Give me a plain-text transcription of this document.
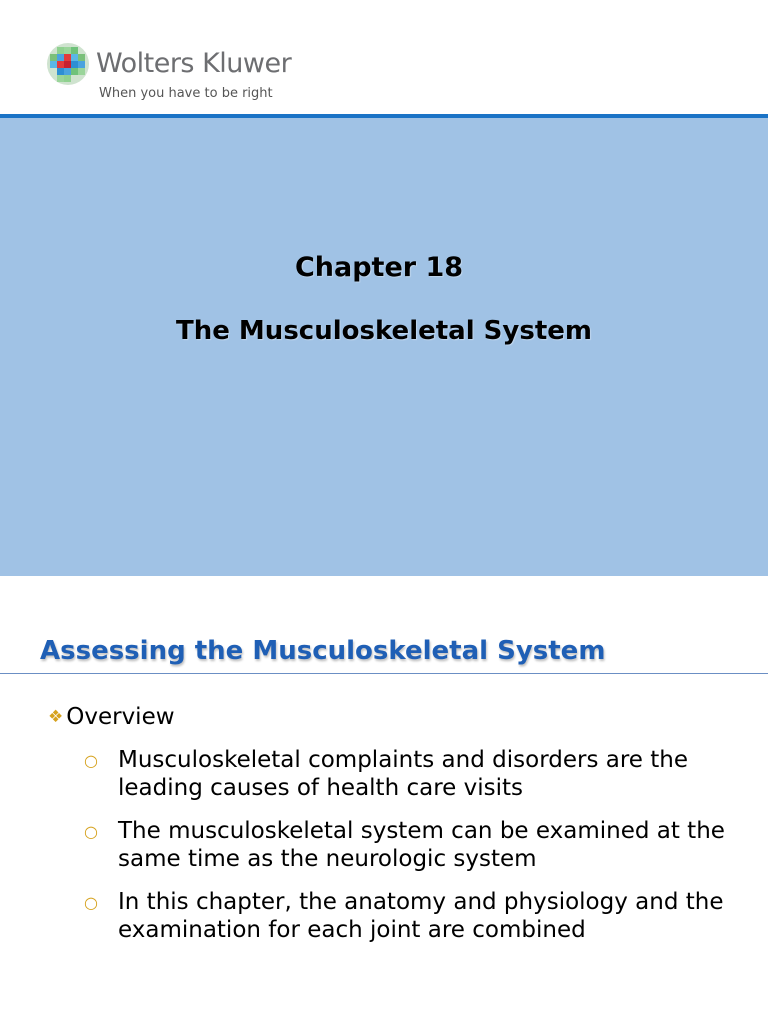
Wolters Kluwer
When you have to be right
Chapter 18
The Musculoskeletal System
Assessing the Musculoskeletal System
❖ Overview
○ Musculoskeletal complaints and disorders are the leading causes of health care visits
○ The musculoskeletal system can be examined at the same time as the neurologic system
○ In this chapter, the anatomy and physiology and the examination for each joint are combined
